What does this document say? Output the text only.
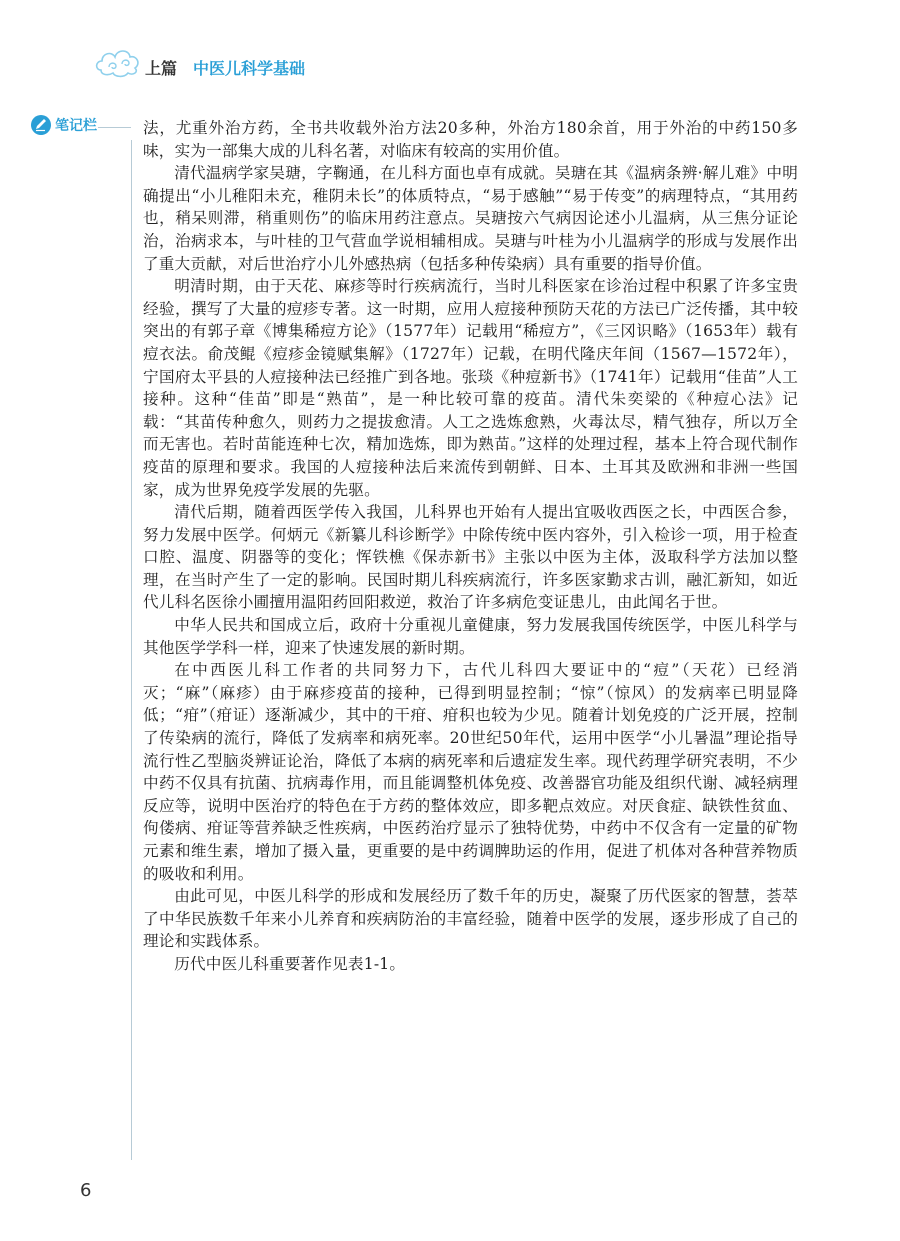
上篇 中医儿科学基础
笔记栏	法，尤重外治方药，全书共收载外治方法20多种，外治方180余首，用于外治的中药150多味，实为一部集大成的儿科名著，对临床有较高的实用价值。

清代温病学家吴瑭，字鞠通，在儿科方面也卓有成就。吴瑭在其《温病条辨·解儿难》中明确提出“小儿稚阳未充，稚阴未长”的体质特点，“易于感触”“易于传变”的病理特点，“其用药也，稍呆则滞，稍重则伤”的临床用药注意点。吴瑭按六气病因论述小儿温病，从三焦分证论治，治病求本，与叶桂的卫气营血学说相辅相成。吴瑭与叶桂为小儿温病学的形成与发展作出了重大贡献，对后世治疗小儿外感热病（包括多种传染病）具有重要的指导价值。

明清时期，由于天花、麻疹等时行疾病流行，当时儿科医家在诊治过程中积累了许多宝贵经验，撰写了大量的痘疹专著。这一时期，应用人痘接种预防天花的方法已广泛传播，其中较突出的有郭子章《博集稀痘方论》（1577年）记载用“稀痘方”，《三冈识略》（1653年）载有痘衣法。俞茂鲲《痘疹金镜赋集解》（1727年）记载，在明代隆庆年间（1567—1572年），宁国府太平县的人痘接种法已经推广到各地。张琰《种痘新书》（1741年）记载用“佳苗”人工接种。这种“佳苗”即是“熟苗”，是一种比较可靠的疫苗。清代朱奕梁的《种痘心法》记载：“其苗传种愈久，则药力之提拔愈清。人工之选炼愈熟，火毒汰尽，精气独存，所以万全而无害也。若时苗能连种七次，精加选炼，即为熟苗。”这样的处理过程，基本上符合现代制作疫苗的原理和要求。我国的人痘接种法后来流传到朝鲜、日本、土耳其及欧洲和非洲一些国家，成为世界免疫学发展的先驱。

清代后期，随着西医学传入我国，儿科界也开始有人提出宜吸收西医之长，中西医合参，努力发展中医学。何炳元《新纂儿科诊断学》中除传统中医内容外，引入检诊一项，用于检查口腔、温度、阴器等的变化；恽铁樵《保赤新书》主张以中医为主体，汲取科学方法加以整理，在当时产生了一定的影响。民国时期儿科疾病流行，许多医家勤求古训，融汇新知，如近代儿科名医徐小圃擅用温阳药回阳救逆，救治了许多病危变证患儿，由此闻名于世。

中华人民共和国成立后，政府十分重视儿童健康，努力发展我国传统医学，中医儿科学与其他医学学科一样，迎来了快速发展的新时期。

在中西医儿科工作者的共同努力下，古代儿科四大要证中的“痘”（天花）已经消灭；“麻”（麻疹）由于麻疹疫苗的接种，已得到明显控制；“惊”（惊风）的发病率已明显降低；“疳”（疳证）逐渐减少，其中的干疳、疳积也较为少见。随着计划免疫的广泛开展，控制了传染病的流行，降低了发病率和病死率。20世纪50年代，运用中医学“小儿暑温”理论指导流行性乙型脑炎辨证论治，降低了本病的病死率和后遗症发生率。现代药理学研究表明，不少中药不仅具有抗菌、抗病毒作用，而且能调整机体免疫、改善器官功能及组织代谢、减轻病理反应等，说明中医治疗的特色在于方药的整体效应，即多靶点效应。对厌食症、缺铁性贫血、佝偻病、疳证等营养缺乏性疾病，中医药治疗显示了独特优势，中药中不仅含有一定量的矿物元素和维生素，增加了摄入量，更重要的是中药调脾助运的作用，促进了机体对各种营养物质的吸收和利用。

由此可见，中医儿科学的形成和发展经历了数千年的历史，凝聚了历代医家的智慧，荟萃了中华民族数千年来小儿养育和疾病防治的丰富经验，随着中医学的发展，逐步形成了自己的理论和实践体系。

历代中医儿科重要著作见表1-1。

6
